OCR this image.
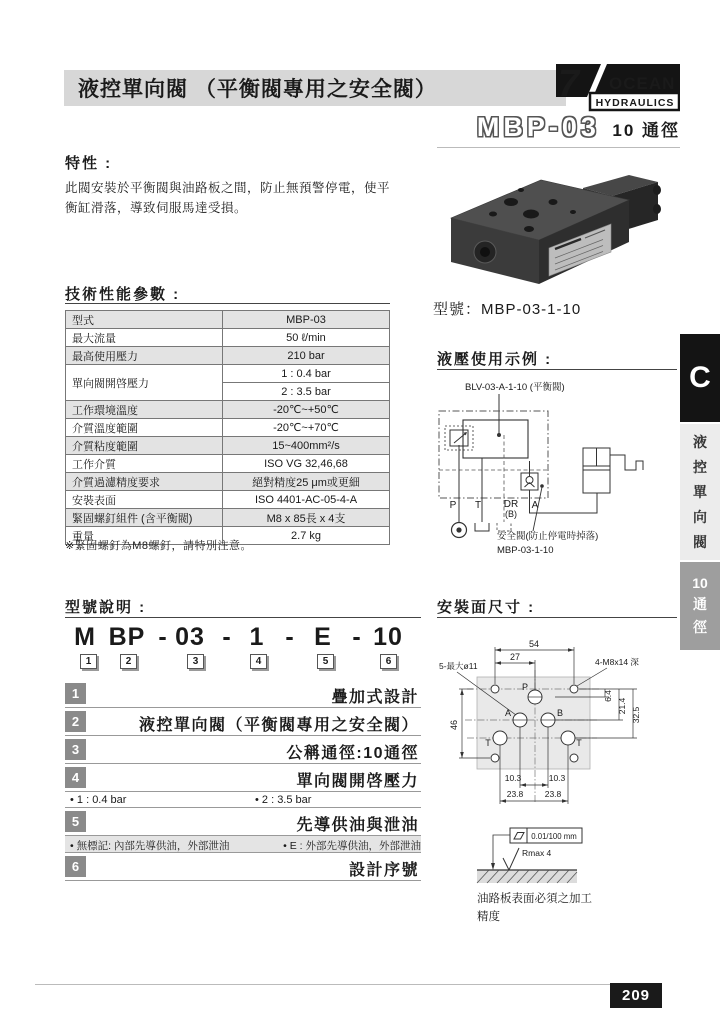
液控單向閥 （平衡閥專用之安全閥）	7 OCEAN
HYDRAULICS
MBP-03 10 通徑
特性 :
此閥安裝於平衡閥與油路板之間，防止無預警停電，使平衡缸滑落，導致伺服馬達受損。
型號：MBP-03-1-10
技術性能參數 :
型式	MBP-03
最大流量	50 ℓ/min
最高使用壓力	210 bar
單向閥開啓壓力	1 : 0.4 bar
	2 : 3.5 bar
工作環境溫度	-20℃~+50℃
介質溫度範圍	-20℃~+70℃
介質粘度範圍	15~400mm²/s
工作介質	ISO VG 32,46,68
介質過濾精度要求	絕對精度25 μm或更細
安裝表面	ISO 4401-AC-05-4-A
緊固螺釘組件 (含平衡閥)	M8 x 85長 x 4支
重量	2.7 kg
※緊固螺釘為M8螺釘，請特別注意。
液壓使用示例 :
BLV-03-A-1-10 (平衡閥)
P T DR
(B)
A
安全閥(防止停電時掉落)
MBP-03-1-10
型號說明 :
M BP - 03 - 1 - E - 10
1	2	3	4	5	6
1	疊加式設計
2	液控單向閥（平衡閥專用之安全閥）
3	公稱通徑:10通徑
4	單向閥開啓壓力
• 1 : 0.4 bar	• 2 : 3.5 bar
5	先導供油與泄油
• 無標記: 內部先導供油，外部泄油	• E : 外部先導供油，外部泄油
6	設計序號
安裝面尺寸 :
P
A	B
T	T
54
27
5-最大ø11	4-M8x14 深
6.4
21.4
32.5
46
10.3	10.3
23.8	23.8
0.01/100 mm
Rmax 4
油路板表面必須之加工
精度
C
液
控
單
向
閥
10
通
徑
209
